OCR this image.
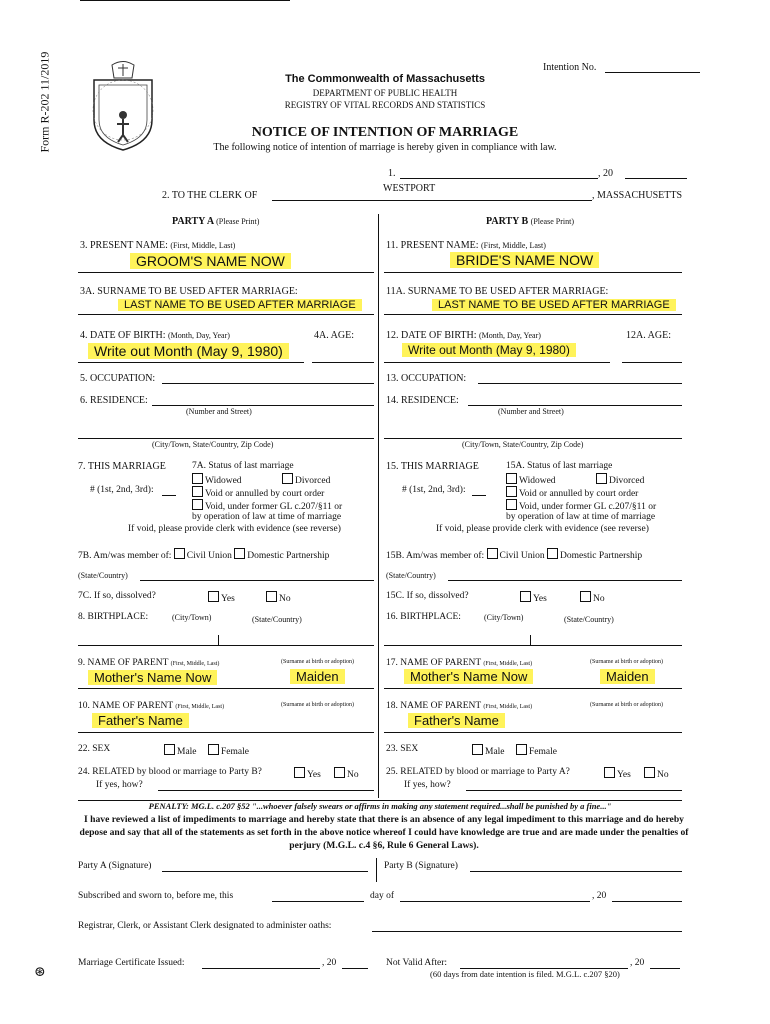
Form R-202 11/2019	Intention No.
The Commonwealth of Massachusetts
DEPARTMENT OF PUBLIC HEALTH
REGISTRY OF VITAL RECORDS AND STATISTICS
NOTICE OF INTENTION OF MARRIAGE
The following notice of intention of marriage is hereby given in compliance with law.
1.	, 20
2. TO THE CLERK OF
WESTPORT
, MASSACHUSETTS
PARTY A (Please Print)
3. PRESENT NAME: (First, Middle, Last)
GROOM'S NAME NOW
3A. SURNAME TO BE USED AFTER MARRIAGE:
LAST NAME TO BE USED AFTER MARRIAGE
4. DATE OF BIRTH: (Month, Day, Year)	4A. AGE:
Write out Month (May 9, 1980)
5. OCCUPATION:
6. RESIDENCE:
(Number and Street)
(City/Town, State/Country, Zip Code)
7. THIS MARRIAGE
# (1st, 2nd, 3rd):
7A. Status of last marriage
Widowed	Divorced
Void or annulled by court order
Void, under former GL c.207/§11 or
by operation of law at time of marriage
If void, please provide clerk with evidence (see reverse)
7B. Am/was member of: Civil Union Domestic Partnership
(State/Country)
7C. If so, dissolved?	Yes	No
8. BIRTHPLACE:	(City/Town)	(State/Country)
9. NAME OF PARENT (First, Middle, Last)	(Surname at birth or adoption)
Mother's Name Now	Maiden
10. NAME OF PARENT (First, Middle, Last)	(Surname at birth or adoption)
Father's Name
22. SEX	Male	Female
24. RELATED by blood or marriage to Party B?	Yes	No
If yes, how?
PARTY B (Please Print)
11. PRESENT NAME: (First, Middle, Last)
BRIDE'S NAME NOW
11A. SURNAME TO BE USED AFTER MARRIAGE:
LAST NAME TO BE USED AFTER MARRIAGE
12. DATE OF BIRTH: (Month, Day, Year)	12A. AGE:
Write out Month (May 9, 1980)
13. OCCUPATION:
14. RESIDENCE:
(Number and Street)
(City/Town, State/Country, Zip Code)
15. THIS MARRIAGE
# (1st, 2nd, 3rd):
15A. Status of last marriage
Widowed	Divorced
Void or annulled by court order
Void, under former GL c.207/§11 or
by operation of law at time of marriage
If void, please provide clerk with evidence (see reverse)
15B. Am/was member of: Civil Union Domestic Partnership
(State/Country)
15C. If so, dissolved?	Yes	No
16. BIRTHPLACE:	(City/Town)	(State/Country)
17. NAME OF PARENT (First, Middle, Last)	(Surname at birth or adoption)
Mother's Name Now	Maiden
18. NAME OF PARENT (First, Middle, Last)	(Surname at birth or adoption)
Father's Name
23. SEX	Male	Female
25. RELATED by blood or marriage to Party A?	Yes	No
If yes, how?
PENALTY: MG.L. c.207 §52 "...whoever falsely swears or affirms in making any statement required...shall be punished by a fine..."
I have reviewed a list of impediments to marriage and hereby state that there is an absence of any legal impediment to this marriage and do hereby depose and say that all of the statements as set forth in the above notice whereof I could have knowledge are true and are made under the penalties of perjury (M.G.L. c.4 §6, Rule 6 General Laws).
Party A (Signature)	Party B (Signature)
Subscribed and sworn to, before me, this	day of	, 20
Registrar, Clerk, or Assistant Clerk designated to administer oaths:
⊛
Marriage Certificate Issued:	, 20	Not Valid After:	, 20
(60 days from date intention is filed. M.G.L. c.207 §20)
